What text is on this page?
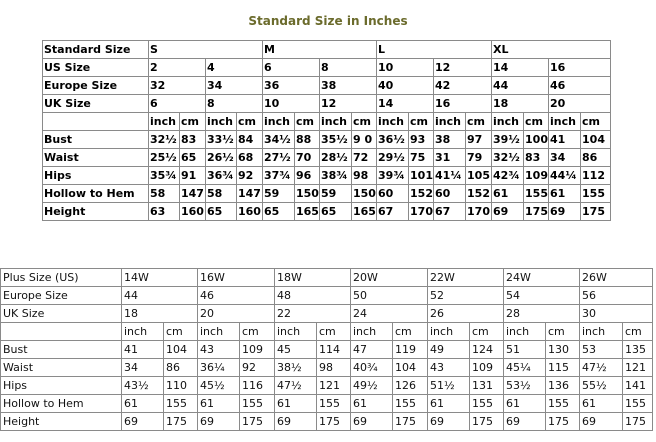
Standard Size in Inches
Standard Size	S				M				L				XL			
US Size	2		4		6		8		10		12		14		16	
Europe Size	32		34		36		38		40		42		44		46	
UK Size	6		8		10		12		14		16		18		20	
	inch	cm	inch	cm	inch	cm	inch	cm	inch	cm	inch	cm	inch	cm	inch	cm
Bust	32½	83	33½	84	34½	88	35½	9 0	36½	93	38	97	39½	100	41	104
Waist	25½	65	26½	68	27½	70	28½	72	29½	75	31	79	32½	83	34	86
Hips	35¾	91	36¾	92	37¾	96	38¾	98	39¾	101	41¼	105	42¾	109	44¼	112
Hollow to Hem	58	147	58	147	59	150	59	150	60	152	60	152	61	155	61	155
Height	63	160	65	160	65	165	65	165	67	170	67	170	69	175	69	175
Plus Size (US)	14W		16W		18W		20W		22W		24W		26W	
Europe Size	44		46		48		50		52		54		56	
UK Size	18		20		22		24		26		28		30	
	inch	cm	inch	cm	inch	cm	inch	cm	inch	cm	inch	cm	inch	cm
Bust	41	104	43	109	45	114	47	119	49	124	51	130	53	135
Waist	34	86	36¼	92	38½	98	40¾	104	43	109	45¼	115	47½	121
Hips	43½	110	45½	116	47½	121	49½	126	51½	131	53½	136	55½	141
Hollow to Hem	61	155	61	155	61	155	61	155	61	155	61	155	61	155
Height	69	175	69	175	69	175	69	175	69	175	69	175	69	175
